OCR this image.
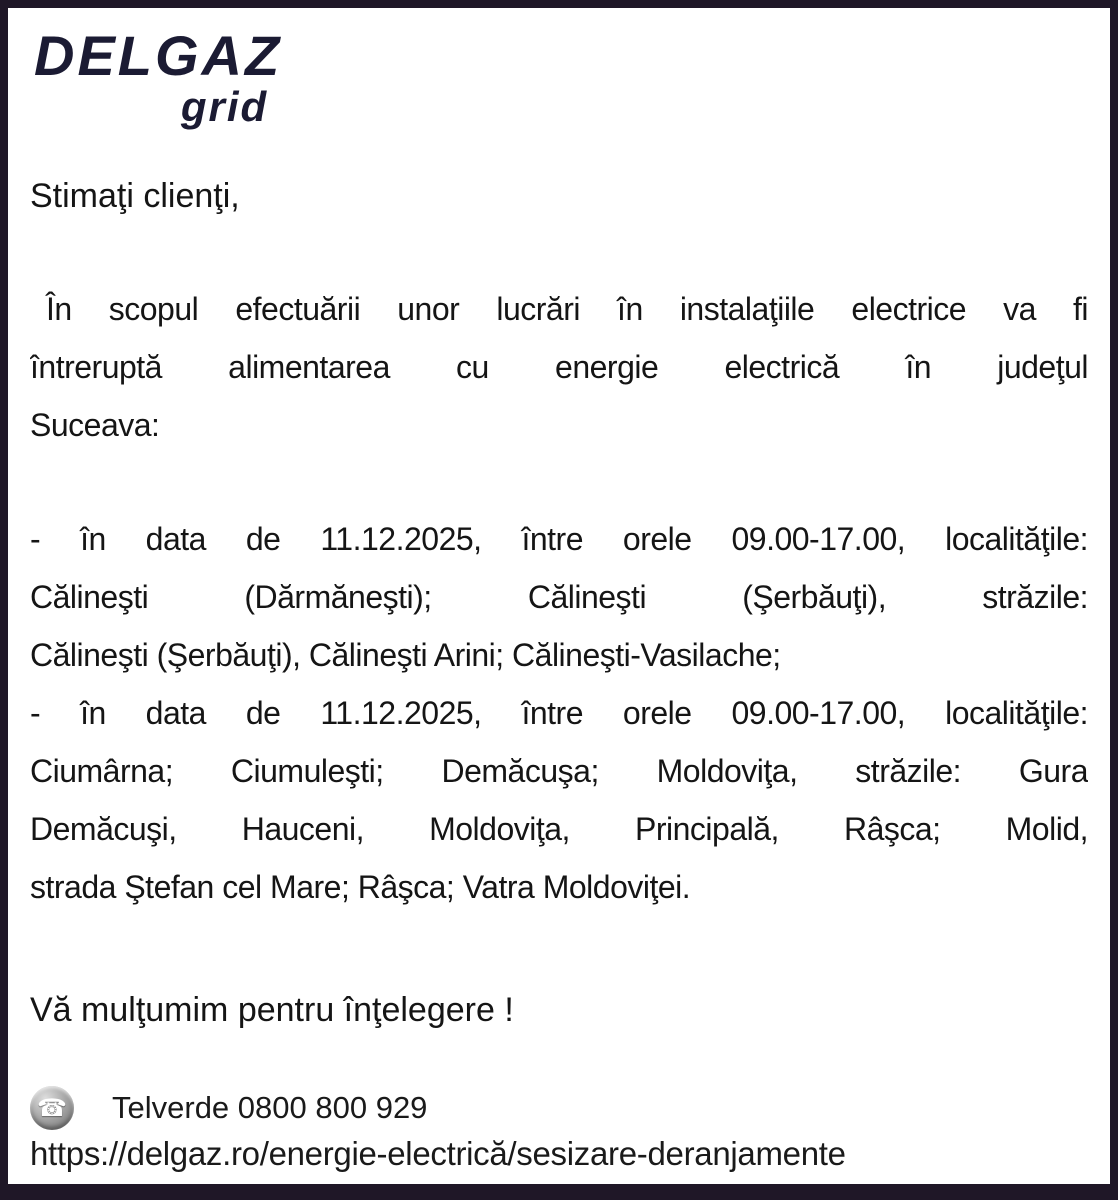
DELGAZ
grid
Stimaţi clienţi,
În scopul efectuării unor lucrări în instalaţiile electrice va fi
întreruptă alimentarea cu energie electrică în judeţul
Suceava:
- în data de 11.12.2025, între orele 09.00-17.00, localităţile:
Călineşti (Dărmăneşti); Călineşti (Şerbăuţi), străzile:
Călineşti (Şerbăuţi), Călineşti Arini; Călineşti-Vasilache;
- în data de 11.12.2025, între orele 09.00-17.00, localităţile:
Ciumârna; Ciumuleşti; Demăcuşa; Moldoviţa, străzile: Gura
Demăcuşi, Hauceni, Moldoviţa, Principală, Râşca; Molid,
strada Ştefan cel Mare; Râşca; Vatra Moldoviţei.
Vă mulţumim pentru înţelegere !
☎ Telverde 0800 800 929
https://delgaz.ro/energie-electrică/sesizare-deranjamente
